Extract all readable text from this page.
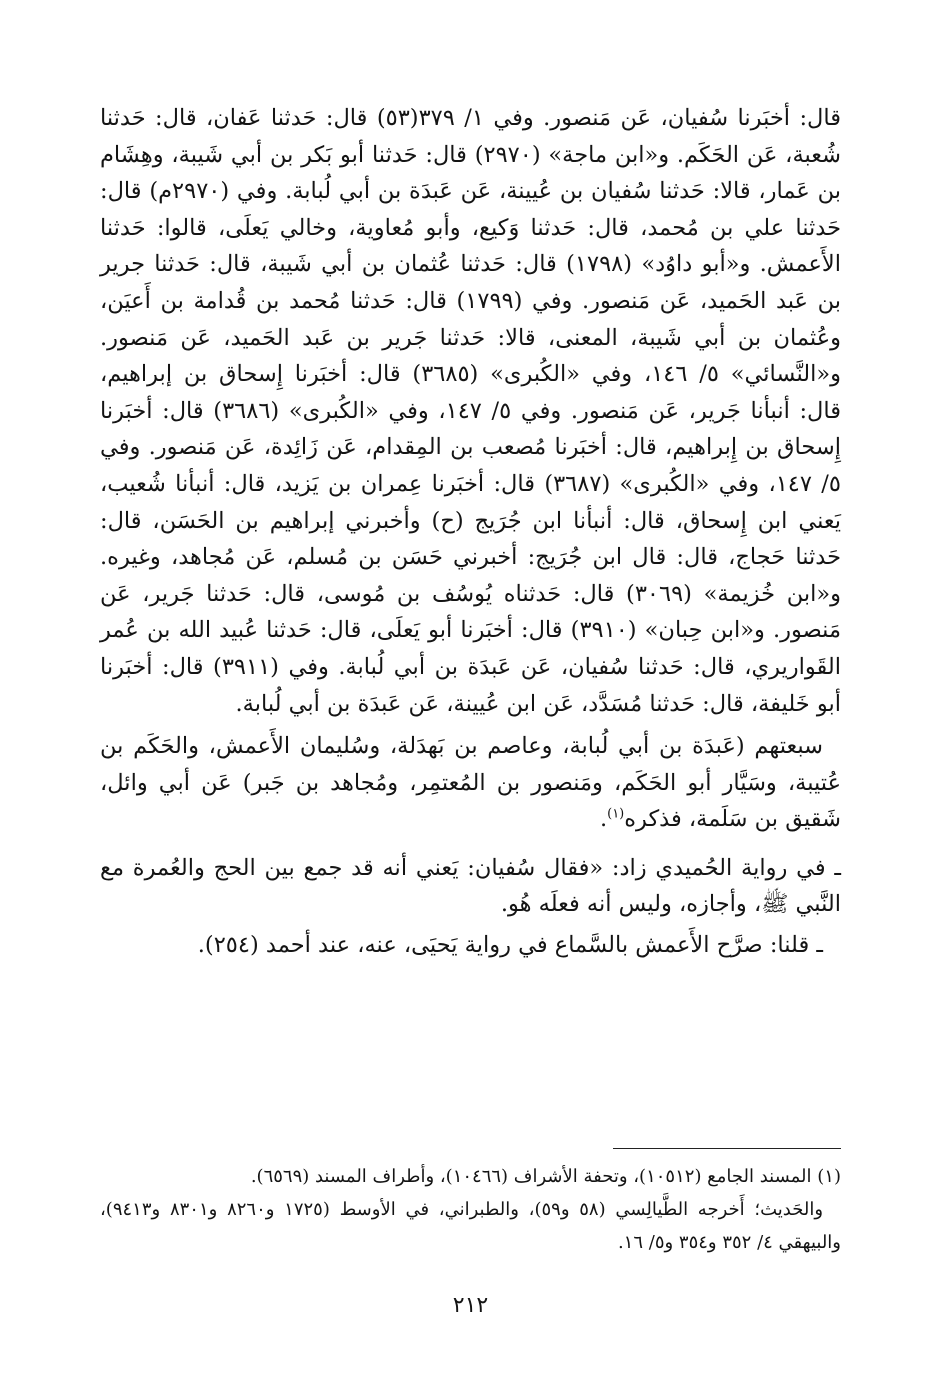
قال: أخبَرنا سُفيان، عَن مَنصور. وفي ١/ ٣٧٩(٥٣) قال: حَدثنا عَفان، قال: حَدثنا شُعبة، عَن الحَكَم. و«ابن ماجة» (٢٩٧٠) قال: حَدثنا أبو بَكر بن أبي شَيبة، وهِشَام بن عَمار، قالا: حَدثنا سُفيان بن عُيينة، عَن عَبدَة بن أبي لُبابة. وفي (٢٩٧٠م) قال: حَدثنا علي بن مُحمد، قال: حَدثنا وَكيع، وأبو مُعاوية، وخالي يَعلَى، قالوا: حَدثنا الأَعمش. و«أبو داوُد» (١٧٩٨) قال: حَدثنا عُثمان بن أبي شَيبة، قال: حَدثنا جرير بن عَبد الحَميد، عَن مَنصور. وفي (١٧٩٩) قال: حَدثنا مُحمد بن قُدامة بن أَعيَن، وعُثمان بن أبي شَيبة، المعنى، قالا: حَدثنا جَرير بن عَبد الحَميد، عَن مَنصور. و«النَّسائي» ٥/ ١٤٦، وفي «الكُبرى» (٣٦٨٥) قال: أخبَرنا إِسحاق بن إبراهيم، قال: أنبأنا جَرير، عَن مَنصور. وفي ٥/ ١٤٧، وفي «الكُبرى» (٣٦٨٦) قال: أخبَرنا إِسحاق بن إِبراهيم، قال: أخبَرنا مُصعب بن المِقدام، عَن زَائِدة، عَن مَنصور. وفي ٥/ ١٤٧، وفي «الكُبرى» (٣٦٨٧) قال: أخبَرنا عِمران بن يَزيد، قال: أنبأنا شُعيب، يَعني ابن إِسحاق، قال: أنبأنا ابن جُرَيج (ح) وأخبرني إبراهيم بن الحَسَن، قال: حَدثنا حَجاج، قال: قال ابن جُرَيج: أخبرني حَسَن بن مُسلم، عَن مُجاهد، وغيره. و«ابن خُزيمة» (٣٠٦٩) قال: حَدثناه يُوسُف بن مُوسى، قال: حَدثنا جَرير، عَن مَنصور. و«ابن حِبان» (٣٩١٠) قال: أخبَرنا أبو يَعلَى، قال: حَدثنا عُبيد الله بن عُمر القَواريري، قال: حَدثنا سُفيان، عَن عَبدَة بن أبي لُبابة. وفي (٣٩١١) قال: أخبَرنا أبو خَليفة، قال: حَدثنا مُسَدَّد، عَن ابن عُيينة، عَن عَبدَة بن أبي لُبابة.

سبعتهم (عَبدَة بن أبي لُبابة، وعاصم بن بَهدَلة، وسُليمان الأَعمش، والحَكَم بن عُتيبة، وسَيَّار أبو الحَكَم، ومَنصور بن المُعتمِر، ومُجاهد بن جَبر) عَن أبي وائل، شَقيق بن سَلَمة، فذكره$^{(١)}$.

ـ في رواية الحُميدي زاد: «فقال سُفيان: يَعني أنه قد جمع بين الحج والعُمرة مع النَّبي ﷺ، وأجازه، وليس أنه فعلَه هُو.

ـ قلنا: صرَّح الأَعمش بالسَّماع في رواية يَحيَى، عنه، عند أحمد (٢٥٤).

(١) المسند الجامع (١٠٥١٢)، وتحفة الأشراف (١٠٤٦٦)، وأطراف المسند (٦٥٦٩).

والحَديث؛ أَخرجه الطَّيالِسي (٥٨ و٥٩)، والطبراني، في الأوسط (١٧٢٥ و٨٢٦٠ و٨٣٠١ و٩٤١٣)، والبيهقي ٤/ ٣٥٢ و٣٥٤ و٥/ ١٦.

٢١٢
